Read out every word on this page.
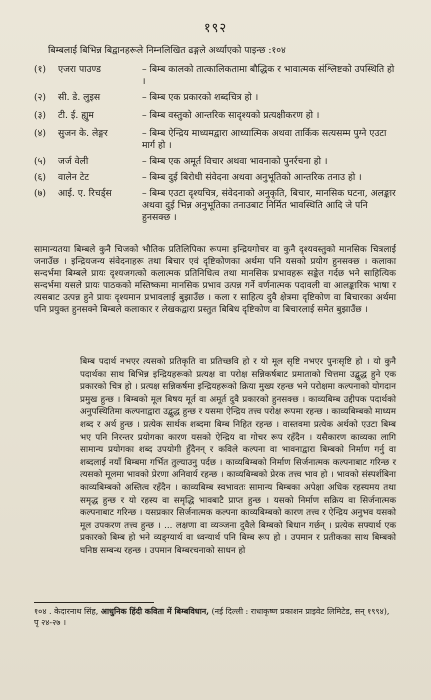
१९२
बिम्बलाई बिभिन्न बिद्वानहरूले निम्नलिखित ढङ्गले अर्थ्याएको पाइन्छ :१०४
(१)	एजरा पाउण्ड	– बिम्ब कालको तात्कालिकतामा बौद्धिक र भावात्मक संश्लिष्टको उपस्थिति हो ।
(२)	सी. डे. लुइस	– बिम्ब एक प्रकारको शब्दचित्र हो ।
(३)	टी. ई. ह्युम	– बिम्ब वस्तुको आन्तरिक सादृश्यको प्रत्यक्षीकरण हो ।
(४)	सुजन के. लेङ्गर	– बिम्ब ऐन्द्रिय माध्यमद्वारा आध्यात्मिक अथवा तार्किक सत्यसम्म पुग्ने एउटा मार्ग हो ।
(५)	जर्ज वेली	– बिम्ब एक अमूर्त विचार अथवा भावनाको पुनर्रचना हो ।
(६)	वालेन टेट	– बिम्ब दुई बिरोधी संवेदना अथवा अनुभूतिको आन्तरिक तनाउ हो ।
(७)	आई. ए. रिचर्ड्स	– बिम्ब एउटा दृश्यचित्र, संवेदनाको अनुकृति, बिचार, मानसिक घटना, अलङ्कार अथवा दुई भिन्न अनुभूतिका तनाउबाट निर्मित भावस्थिति आदि जे पनि हुनसक्छ ।
सामान्यतया बिम्बले कुनै चिजको भौतिक प्रतिलिपिका रूपमा इन्द्रियगोचर वा कुनै दृश्यवस्तुको मानसिक चित्रलाई जनाउँछ । इन्द्रियजन्य संवेदनाहरू तथा बिचार एवं दृष्टिकोणका अर्थमा पनि यसको प्रयोग हुनसक्छ । कलाका सन्दर्भमा बिम्बले प्रायः दृश्यजगत्को कलात्मक प्रतिनिधित्व तथा मानसिक प्रभावहरू सङ्केत गर्दछ भने साहित्यिक सन्दर्भमा यसले प्रायः पाठकको मस्तिष्कमा मानसिक प्रभाव उत्पन्न गर्ने वर्णनात्मक पदावली वा आलङ्कारिक भाषा र त्यसबाट उत्पन्न हुने प्रायः दृश्यमान प्रभावलाई बुझाउँछ । कला र साहित्य दुवै क्षेत्रमा दृष्टिकोण वा बिचारका अर्थमा पनि प्रयुक्त हुनसक्ने बिम्बले कलाकार र लेखकद्वारा प्रस्तुत बिबिध दृष्टिकोण वा बिचारलाई समेत बुझाउँछ ।
बिम्ब पदार्थ नभएर त्यसको प्रतिकृति वा प्रतिच्छवि हो र यो मूल सृष्टि नभएर पुनःसृष्टि हो । यो कुनै पदार्थका साथ बिभिन्न इन्द्रियहरूको प्रत्यक्ष वा परोक्ष सन्निकर्षबाट प्रमाताको चित्तमा उद्बुद्ध हुने एक प्रकारको चित्र हो । प्रत्यक्ष सन्निकर्षमा इन्द्रियहरूको क्रिया मुख्य रहन्छ भने परोक्षमा कल्पनाको योगदान प्रमुख हुन्छ । बिम्बको मूल बिषय मूर्त वा अमूर्त दुवै प्रकारको हुनसक्छ । काव्यबिम्ब उद्दीपक पदार्थको अनुपस्थितिमा कल्पनाद्वारा उद्बुद्ध हुन्छ र यसमा ऐन्द्रिय तत्त्व परोक्ष रूपमा रहन्छ । काव्यबिम्बको माध्यम शब्द र अर्थ हुन्छ । प्रत्येक सार्थक शब्दमा बिम्ब निहित रहन्छ । वास्तवमा प्रत्येक अर्थको एउटा बिम्ब भए पनि निरन्तर प्रयोगका कारण यसको ऐन्द्रिय वा गोचर रूप रहँदैन । यसैकारण काव्यका लागि सामान्य प्रयोगका शब्द उपयोगी हुँदैनन् र कविले कल्पना वा भावनाद्वारा बिम्बको निर्माण गर्नु वा शब्दलाई नयाँ बिम्बमा गर्भित तुल्याउनु पर्दछ । काव्यबिम्बको निर्माण सिर्जनात्मक कल्पनाबाट गरिन्छ र त्यसको मूलमा भावको प्रेरणा अनिवार्य रहन्छ । काव्यबिम्बको प्रेरक तत्त्व भाव हो । भावको संस्पर्शबिना काव्यबिम्बको अस्तित्व रहँदैन । काव्यबिम्ब स्वभावतः सामान्य बिम्बका अपेक्षा अधिक रहस्यमय तथा समृद्ध हुन्छ र यो रहस्य वा समृद्धि भावबाटै प्राप्त हुन्छ । यसको निर्माण सक्रिय वा सिर्जनात्मक कल्पनाबाट गरिन्छ । यसप्रकार सिर्जनात्मक कल्पना काव्यबिम्बको कारण तत्त्व र ऐन्द्रिय अनुभव यसको मूल उपकरण तत्त्व हुन्छ । ... लक्षणा वा व्यञ्जना दुवैले बिम्बको बिधान गर्छन् । प्रत्येक सफ्यार्थ एक प्रकारको बिम्ब हो भने व्यङ्ग्यार्थ वा ध्वन्यार्थ पनि बिम्ब रूप हो । उपमान र प्रतीकका साथ बिम्बको घनिष्ठ सम्बन्ध रहन्छ । उपमान बिम्बरचनाको साधन हो
१०४ . केदारनाथ सिंह, आधुनिक हिंदी कविता में बिम्बविधान, (नई दिल्ली : राधाकृष्ण प्रकाशन प्राइवेट लिमिटेड, सन् १९९४), पृ २४-२७ ।
